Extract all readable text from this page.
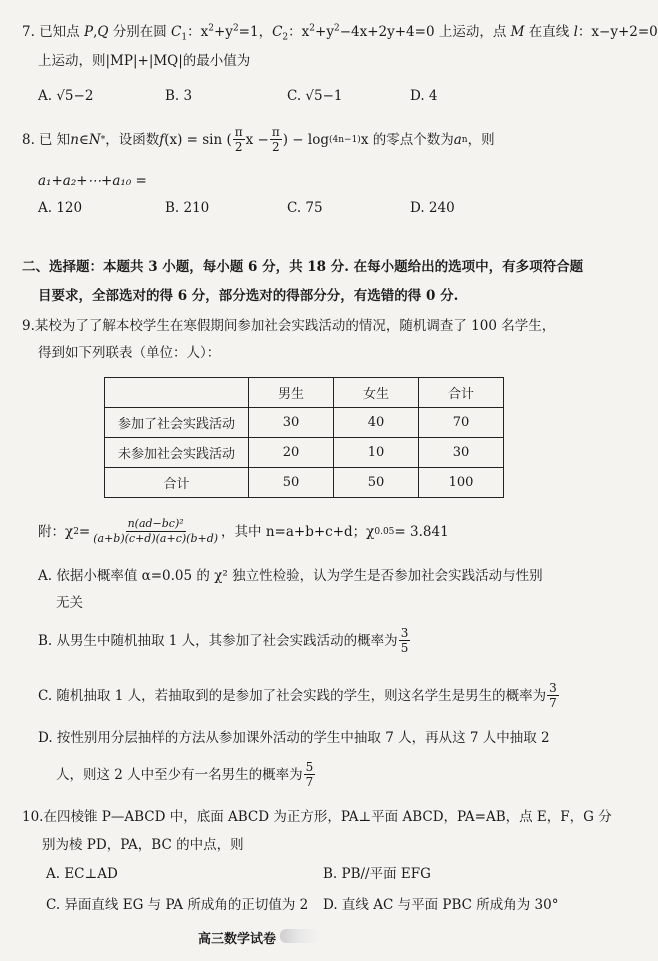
7. 已知点 P,Q 分别在圆 $C_1$：$x^2+y^2=1$，$C_2$：$x^2+y^2-4x+2y+4=0$ 上运动，点 M 在直线 l：x−y+2=0
上运动，则|MP|+|MQ|的最小值为
A. √5−2	B. 3	C. √5−1	D. 4
8. 已 知 n ∈ N * ，设函数 f (x) = sin ( $\frac{\pi}{2}$ $x - \frac{\pi}{2}$ ) − log (4n−1) x 的零点个数为 a n ，则
a₁+a₂+⋯+a₁₀ =
A. 120	B. 210	C. 75	D. 240
二、选择题：本题共 3 小题，每小题 6 分，共 18 分. 在每小题给出的选项中，有多项符合题
目要求，全部选对的得 6 分，部分选对的得部分分，有选错的得 0 分.
9.某校为了了解本校学生在寒假期间参加社会实践活动的情况，随机调查了 100 名学生，
得到如下列联表（单位：人）：
	男生	女生	合计
参加了社会实践活动	30	40	70
未参加社会实践活动	20	10	30
合计	50	50	100
附：χ $2 = \frac{\text{n(ad−bc)²}}{(a+b)(c+d)(a+c)(b+d)}$ ，其中 n=a+b+c+d；χ 0.05 = 3.841
A. 依据小概率值 α=0.05 的 χ² 独立性检验，认为学生是否参加社会实践活动与性别
无关
B. 从男生中随机抽取 1 人，其参加了社会实践活动的概率为 $\frac{3}{5}$
C. 随机抽取 1 人，若抽取到的是参加了社会实践的学生，则这名学生是男生的概率为 $\frac{3}{7}$
D. 按性别用分层抽样的方法从参加课外活动的学生中抽取 7 人，再从这 7 人中抽取 2
人，则这 2 人中至少有一名男生的概率为 $\frac{5}{7}$
10.在四棱锥 P—ABCD 中，底面 ABCD 为正方形，PA⊥平面 ABCD，PA=AB，点 E，F，G 分
别为棱 PD，PA，BC 的中点，则
A. EC⊥AD	B. PB//平面 EFG
C. 异面直线 EG 与 PA 所成角的正切值为 2 D. 直线 AC 与平面 PBC 所成角为 30°
高三数学试卷
